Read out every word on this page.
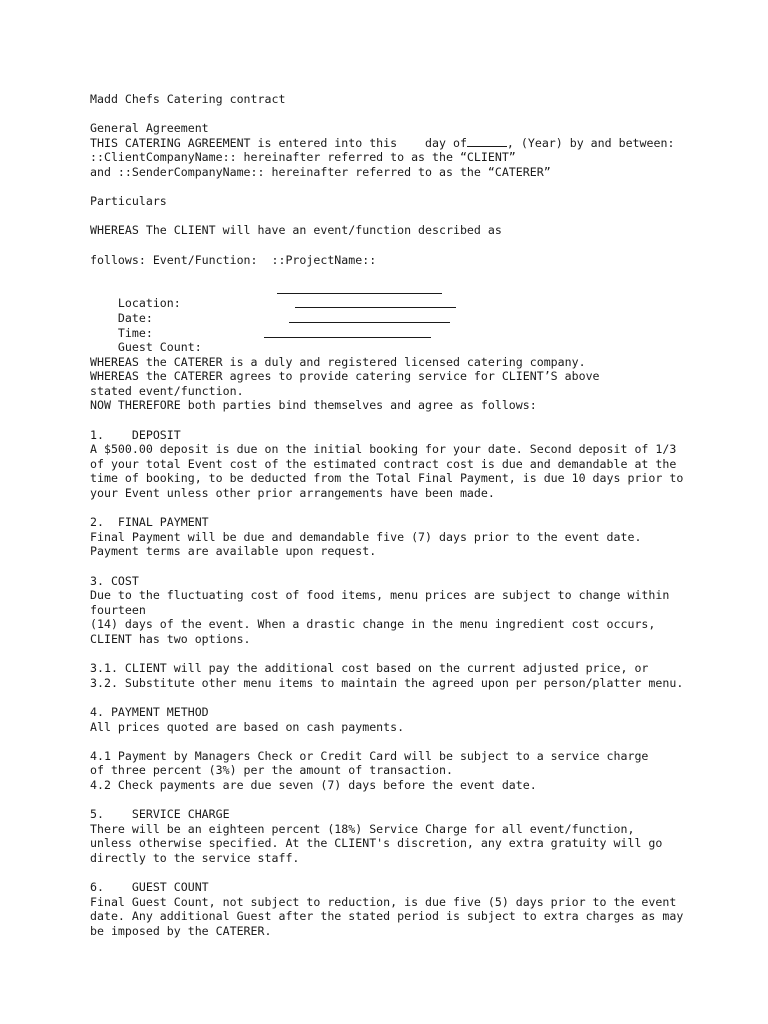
Madd Chefs Catering contract
General Agreement
THIS CATERING AGREEMENT is entered into this    day of	, (Year) by and between:
::ClientCompanyName:: hereinafter referred to as the “CLIENT”
and ::SenderCompanyName:: hereinafter referred to as the “CATERER”
Particulars
WHEREAS The CLIENT will have an event/function described as
follows: Event/Function:  ::ProjectName::

Location:

Date:

Time:

Guest Count:

WHEREAS the CATERER is a duly and registered licensed catering company.
WHEREAS the CATERER agrees to provide catering service for CLIENT’S above
stated event/function.
NOW THEREFORE both parties bind themselves and agree as follows:
1.    DEPOSIT
A $500.00 deposit is due on the initial booking for your date. Second deposit of 1/3
of your total Event cost of the estimated contract cost is due and demandable at the
time of booking, to be deducted from the Total Final Payment, is due 10 days prior to
your Event unless other prior arrangements have been made.
2.  FINAL PAYMENT
Final Payment will be due and demandable five (7) days prior to the event date.
Payment terms are available upon request.
3. COST
Due to the fluctuating cost of food items, menu prices are subject to change within
fourteen
(14) days of the event. When a drastic change in the menu ingredient cost occurs,
CLIENT has two options.
3.1. CLIENT will pay the additional cost based on the current adjusted price, or
3.2. Substitute other menu items to maintain the agreed upon per person/platter menu.
4. PAYMENT METHOD
All prices quoted are based on cash payments.
4.1 Payment by Managers Check or Credit Card will be subject to a service charge
of three percent (3%) per the amount of transaction.
4.2 Check payments are due seven (7) days before the event date.
5.    SERVICE CHARGE
There will be an eighteen percent (18%) Service Charge for all event/function,
unless otherwise specified. At the CLIENT's discretion, any extra gratuity will go
directly to the service staff.
6.    GUEST COUNT
Final Guest Count, not subject to reduction, is due five (5) days prior to the event
date. Any additional Guest after the stated period is subject to extra charges as may
be imposed by the CATERER.
